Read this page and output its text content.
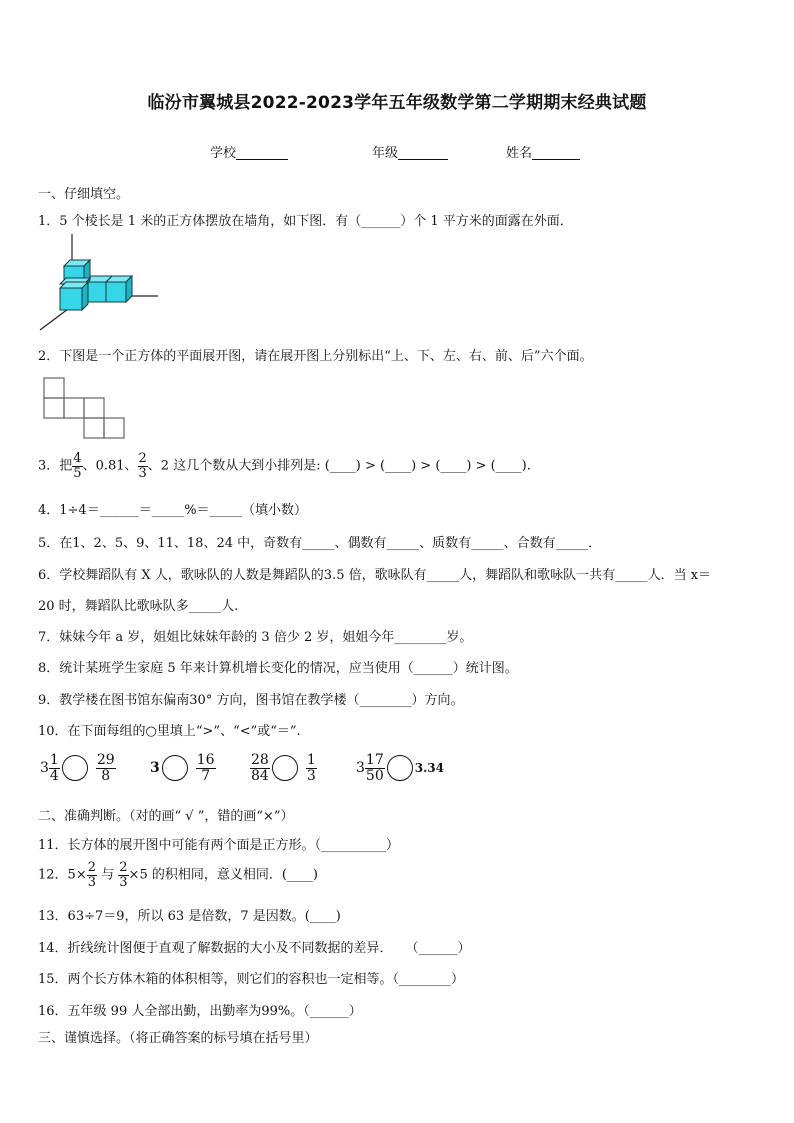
临汾市翼城县2022-2023学年五年级数学第二学期期末经典试题
学校	年级	姓名
一、仔细填空。
1．5 个棱长是 1 米的正方体摆放在墙角，如下图．有（______）个 1 平方米的面露在外面．
2．下图是一个正方体的平面展开图，请在展开图上分别标出“上、下、左、右、前、后”六个面。
3．把 $\frac{4}{5}$ 、0.81、 $\frac{2}{3}$ 、2 这几个数从大到小排列是: (____) > (____) > (____) > (____).
4．1÷4＝______＝_____%＝_____（填小数）
5．在1、2、5、9、11、18、24 中，奇数有_____、偶数有_____、质数有_____、合数有_____．
6．学校舞蹈队有 X 人，歌咏队的人数是舞蹈队的3.5 倍，歌咏队有_____人，舞蹈队和歌咏队一共有_____人．当 x＝
20 时，舞蹈队比歌咏队多_____人.
7．妹妹今年 a 岁，姐姐比妹妹年龄的 3 倍少 2 岁，姐姐今年________岁。
8．统计某班学生家庭 5 年来计算机增长变化的情况，应当使用（______）统计图。
9．教学楼在图书馆东偏南30° 方向，图书馆在教学楼（________）方向。
10．在下面每组的○里填上“>”、“<”或“＝”.
$3 \frac{1}{4}$	$\frac{29}{8} 3$	$\frac{16}{7} \frac{28}{84}$	$\frac{1}{3}$	$3 \frac{17}{50}$	3.34
二、准确判断。（对的画“ √ ”，错的画“×”）
11．长方体的展开图中可能有两个面是正方形。（__________）
12．$5\times \frac{2}{3}$ 与 $\frac{2}{3} \times 5$ 的积相同，意义相同．(____)
13．63÷7＝9，所以 63 是倍数，7 是因数。(____)
14．折线统计图便于直观了解数据的大小及不同数据的差异．　　（______）
15．两个长方体木箱的体积相等，则它们的容积也一定相等。（________）
16．五年级 99 人全部出勤，出勤率为99%。（______）
三、谨慎选择。（将正确答案的标号填在括号里）
